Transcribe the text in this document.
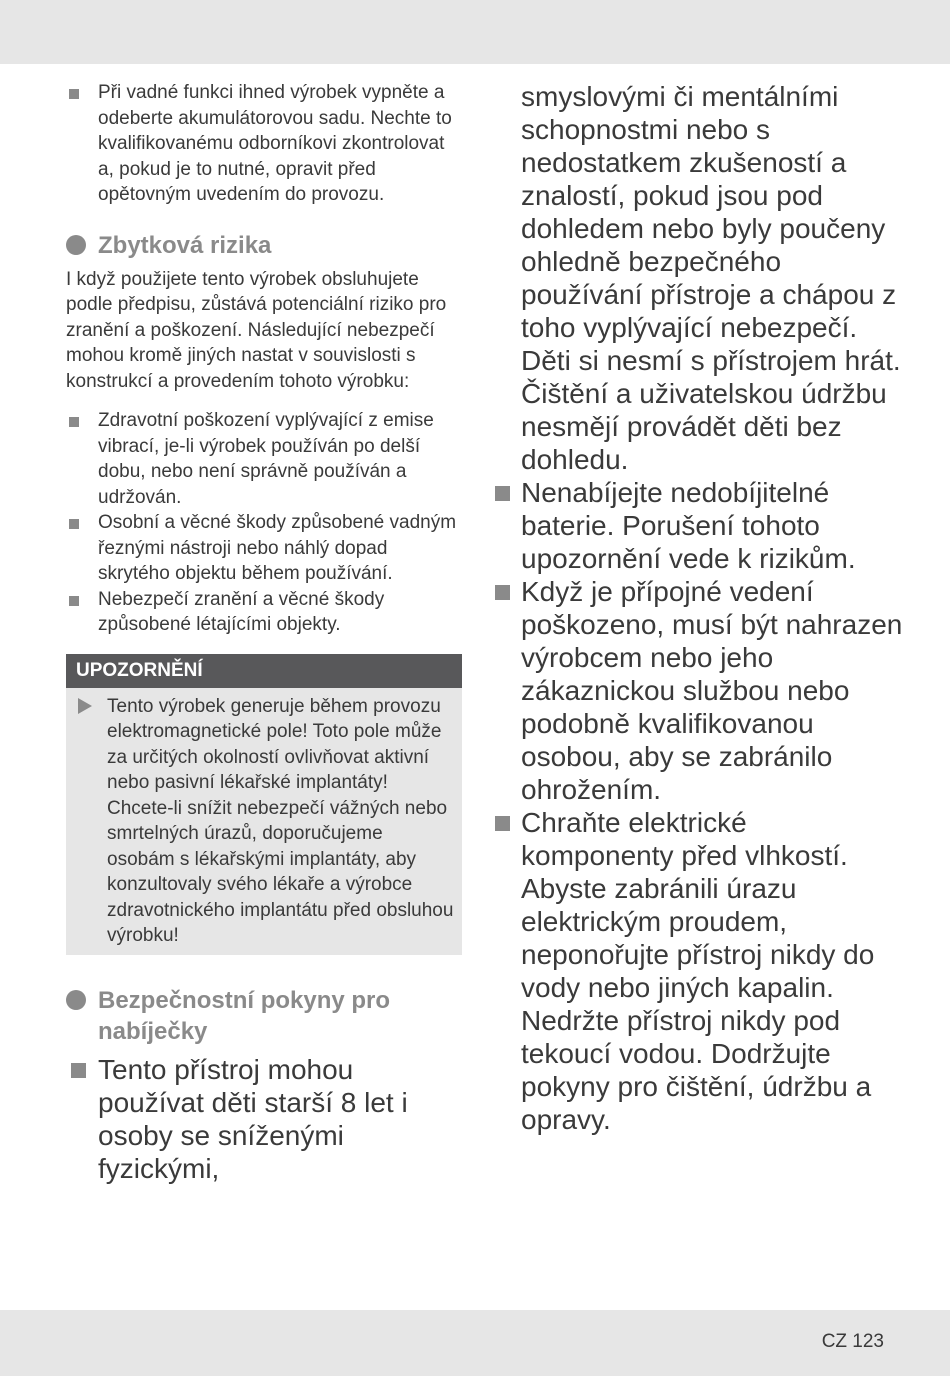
Při vadné funkci ihned výrobek vypněte a odeberte akumulátorovou sadu. Nechte to kvalifikovanému odborníkovi zkontrolovat a, pokud je to nutné, opravit před opětovným uvedením do provozu.
Zbytková rizika

I když použijete tento výrobek obsluhujete podle předpisu, zůstává potenciální riziko pro zranění a poškození. Následující nebezpečí mohou kromě jiných nastat v souvislosti s konstrukcí a provedením tohoto výrobku:

Zdravotní poškození vyplývající z emise vibrací, je-li výrobek používán po delší dobu, nebo není správně používán a udržován.
Osobní a věcné škody způsobené vadným řeznými nástroji nebo náhlý dopad skrytého objektu během používání.
Nebezpečí zranění a věcné škody způsobené létajícími objekty.
UPOZORNĚNÍ
Tento výrobek generuje během provozu elektromagnetické pole! Toto pole může za určitých okolností ovlivňovat aktivní nebo pasivní lékařské implantáty! Chcete-li snížit nebezpečí vážných nebo smrtelných úrazů, doporučujeme osobám s lékařskými implantáty, aby konzultovaly svého lékaře a výrobce zdravotnického implantátu před obsluhou výrobku!
Bezpečnostní pokyny pro nabíječky
Tento přístroj mohou používat děti starší 8 let i osoby se sníženými fyzickými,
smyslovými či mentálními schopnostmi nebo s nedostatkem zkušeností a znalostí, pokud jsou pod dohledem nebo byly poučeny ohledně bezpečného používání přístroje a chápou z toho vyplývající nebezpečí. Děti si nesmí s přístrojem hrát. Čištění a uživatelskou údržbu nesmějí provádět děti bez dohledu.
Nenabíjejte nedobíjitelné baterie. Porušení tohoto upozornění vede k rizikům.
Když je přípojné vedení poškozeno, musí být nahrazen výrobcem nebo jeho zákaznickou službou nebo podobně kvalifikovanou osobou, aby se zabránilo ohrožením.
Chraňte elektrické komponenty před vlhkostí. Abyste zabránili úrazu elektrickým proudem, neponořujte přístroj nikdy do vody nebo jiných kapalin. Nedržte přístroj nikdy pod tekoucí vodou. Dodržujte pokyny pro čištění, údržbu a opravy.
CZ 123
